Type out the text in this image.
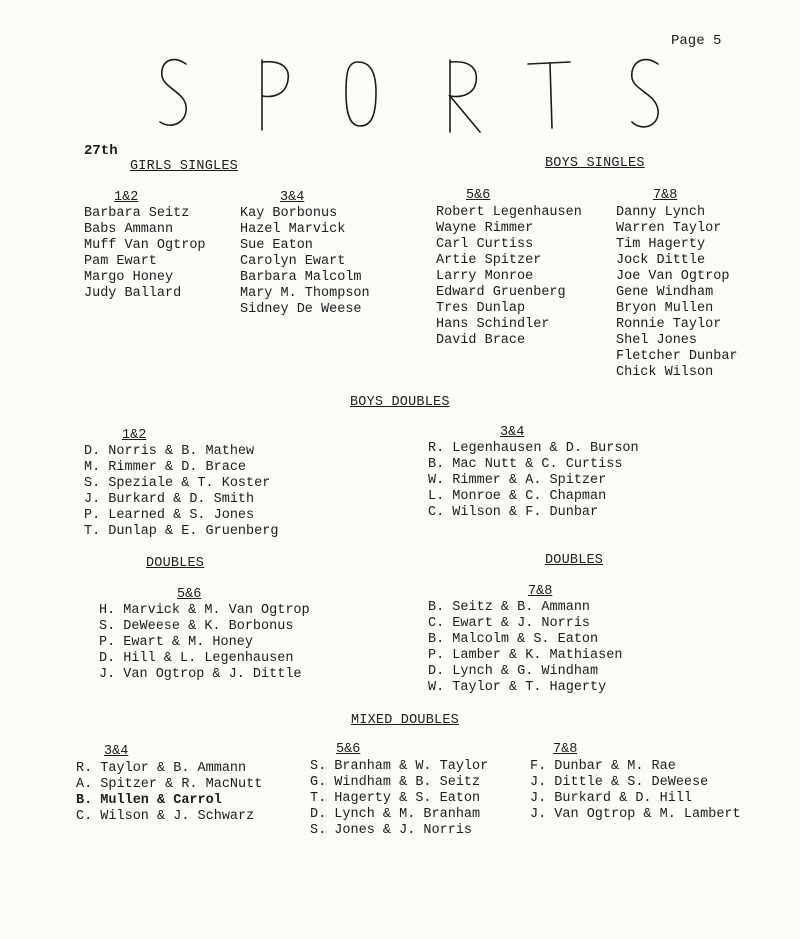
Page 5
27th
GIRLS SINGLES
1&2
Barbara Seitz
Babs Ammann
Muff Van Ogtrop
Pam Ewart
Margo Honey
Judy Ballard
3&4
Kay Borbonus
Hazel Marvick
Sue Eaton
Carolyn Ewart
Barbara Malcolm
Mary M. Thompson
Sidney De Weese
BOYS SINGLES
5&6
Robert Legenhausen
Wayne Rimmer
Carl Curtiss
Artie Spitzer
Larry Monroe
Edward Gruenberg
Tres Dunlap
Hans Schindler
David Brace
7&8
Danny Lynch
Warren Taylor
Tim Hagerty
Jock Dittle
Joe Van Ogtrop
Gene Windham
Bryon Mullen
Ronnie Taylor
Shel Jones
Fletcher Dunbar
Chick Wilson
BOYS DOUBLES
1&2
D. Norris & B. Mathew
M. Rimmer & D. Brace
S. Speziale & T. Koster
J. Burkard & D. Smith
P. Learned & S. Jones
T. Dunlap & E. Gruenberg
3&4
R. Legenhausen & D. Burson
B. Mac Nutt & C. Curtiss
W. Rimmer & A. Spitzer
L. Monroe & C. Chapman
C. Wilson & F. Dunbar
DOUBLES
5&6
H. Marvick & M. Van Ogtrop
S. DeWeese & K. Borbonus
P. Ewart & M. Honey
D. Hill & L. Legenhausen
J. Van Ogtrop & J. Dittle
DOUBLES
7&8
B. Seitz & B. Ammann
C. Ewart & J. Norris
B. Malcolm & S. Eaton
P. Lamber & K. Mathiasen
D. Lynch & G. Windham
W. Taylor & T. Hagerty
MIXED DOUBLES
3&4
R. Taylor & B. Ammann
A. Spitzer & R. MacNutt
B. Mullen & Carrol
C. Wilson & J. Schwarz
5&6
S. Branham & W. Taylor
G. Windham & B. Seitz
T. Hagerty & S. Eaton
D. Lynch & M. Branham
S. Jones & J. Norris
7&8
F. Dunbar & M. Rae
J. Dittle & S. DeWeese
J. Burkard & D. Hill
J. Van Ogtrop & M. Lambert
